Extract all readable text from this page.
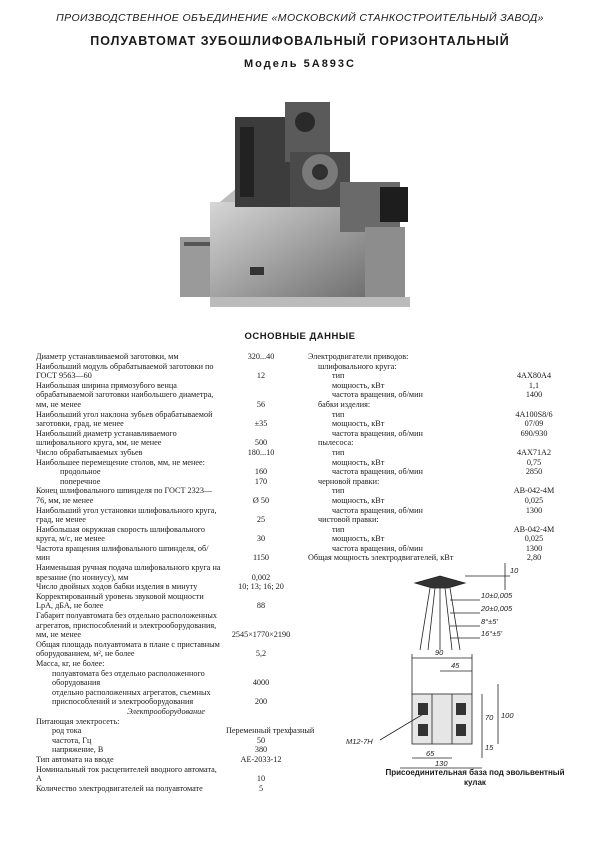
ПРОИЗВОДСТВЕННОЕ ОБЪЕДИНЕНИЕ «МОСКОВСКИЙ СТАНКОСТРОИТЕЛЬНЫЙ ЗАВОД»
ПОЛУАВТОМАТ ЗУБОШЛИФОВАЛЬНЫЙ ГОРИЗОНТАЛЬНЫЙ
Модель 5А893С
ОСНОВНЫЕ ДАННЫЕ
Диаметр устанавливаемой заготовки, мм	320...40
Наибольший модуль обрабатываемой заготовки по ГОСТ 9563—60	12
Наибольшая ширина прямозубого венца обрабатываемой заготовки наибольшего диаметра, мм, не менее	56
Наибольший угол наклона зубьев обрабатываемой заготовки, град, не менее	±35
Наибольший диаметр устанавливаемого шлифовального круга, мм, не менее	500
Число обрабатываемых зубьев	180...10
Наибольшее перемещение столов, мм, не менее:
продольное	160
поперечное	170
Конец шлифовального шпинделя по ГОСТ 2323—76, мм, не менее	Ø 50
Наибольший угол установки шлифовального круга, град, не менее	25
Наибольшая окружная скорость шлифовального круга, м/с, не менее	30
Частота вращения шлифовального шпинделя, об/мин	1150
Наименьшая ручная подача шлифовального круга на врезание (по нониусу), мм	0,002
Число двойных ходов бабки изделия в минуту	10; 13; 16; 20
Корректированный уровень звуковой мощности LpA, дБА, не более	88
Габарит полуавтомата без отдельно расположенных агрегатов, приспособлений и электрооборудования, мм, не менее	2545×1770×2190
Общая площадь полуавтомата в плане с приставным оборудованием, м², не более	5,2
Масса, кг, не более:
полуавтомата без отдельно расположенного оборудования	4000
отдельно расположенных агрегатов, съемных приспособлений и электрооборудования	200
Электрооборудование
Питающая электросеть:
род тока	Переменный трехфазный
частота, Гц	50
напряжение, В	380
Тип автомата на вводе	АЕ-2033-12
Номинальный ток расцепителей вводного автомата, А	10
Количество электродвигателей на полуавтомате	5
Электродвигатели приводов:
шлифовального круга:
тип	4АХ80А4
мощность, кВт	1,1
частота вращения, об/мин	1400
бабки изделия:
тип	4А100S8/6
мощность, кВт	07/09
частота вращения, об/мин	690/930
пылесоса:
тип	4АХ71А2
мощность, кВт	0,75
частота вращения, об/мин	2850
черновой правки:
тип	АВ-042-4М
мощность, кВт	0,025
частота вращения, об/мин	1300
чистовой правки:
тип	АВ-042-4М
мощность, кВт	0,025
частота вращения, об/мин	1300
Общая мощность электродвигателей, кВт	2,80
10
10±0,005
20±0,005
8°±5'
16°±5'
90
45
70 100
15
65
130
М12-7Н
Присоединительная база под эвольвентный кулак
